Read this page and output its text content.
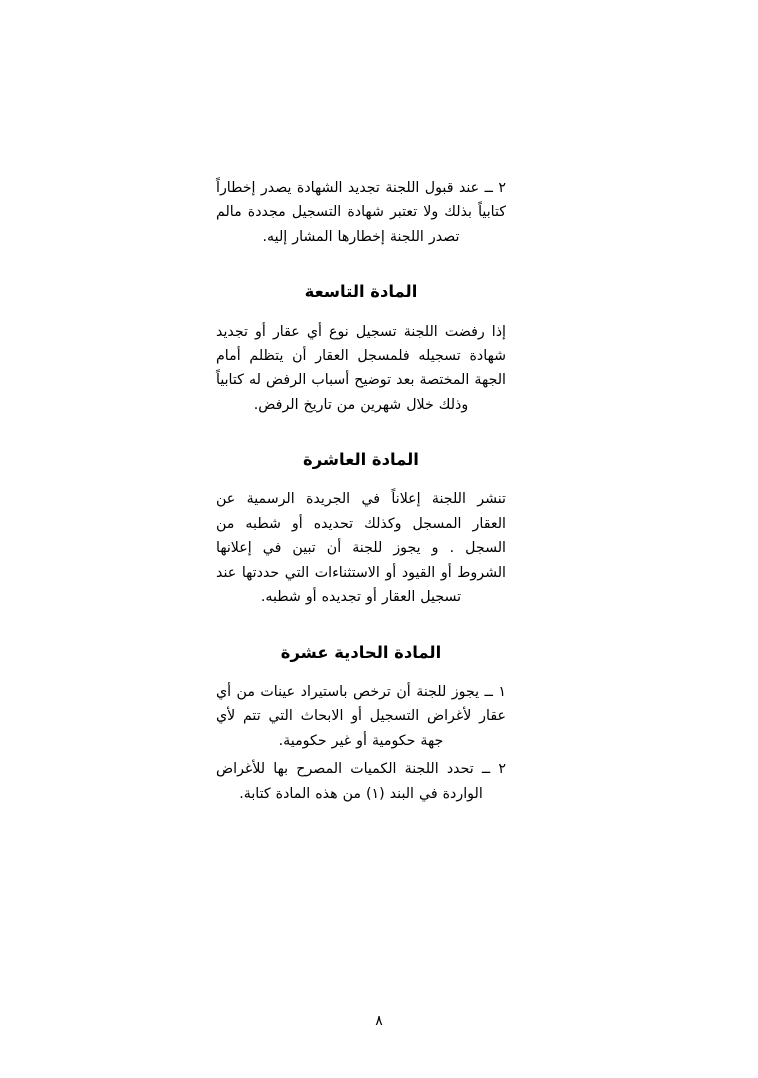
٢ ــ عند قبول اللجنة تجديد الشهادة يصدر إخطاراً كتابياً بذلك ولا تعتبر شهادة التسجيل مجددة مالم تصدر اللجنة إخطارها المشار إليه.

المادة التاسعة

إذا رفضت اللجنة تسجيل نوع أي عقار أو تجديد شهادة تسجيله فلمسجل العقار أن يتظلم أمام الجهة المختصة بعد توضيح أسباب الرفض له كتابياً وذلك خلال شهرين من تاريخ الرفض.

المادة العاشرة

تنشر اللجنة إعلاناً في الجريدة الرسمية عن العقار المسجل وكذلك تحديده أو شطبه من السجل . و يجوز للجنة أن تبين في إعلانها الشروط أو القيود أو الاستثناءات التي حددتها عند تسجيل العقار أو تجديده أو شطبه.

المادة الحادية عشرة

١ ــ يجوز للجنة أن ترخص باستيراد عينات من أي عقار لأغراض التسجيل أو الابحاث التي تتم لأي جهة حكومية أو غير حكومية.

٢ ــ تحدد اللجنة الكميات المصرح بها للأغراض الواردة في البند (١) من هذه المادة كتابة.

٨
